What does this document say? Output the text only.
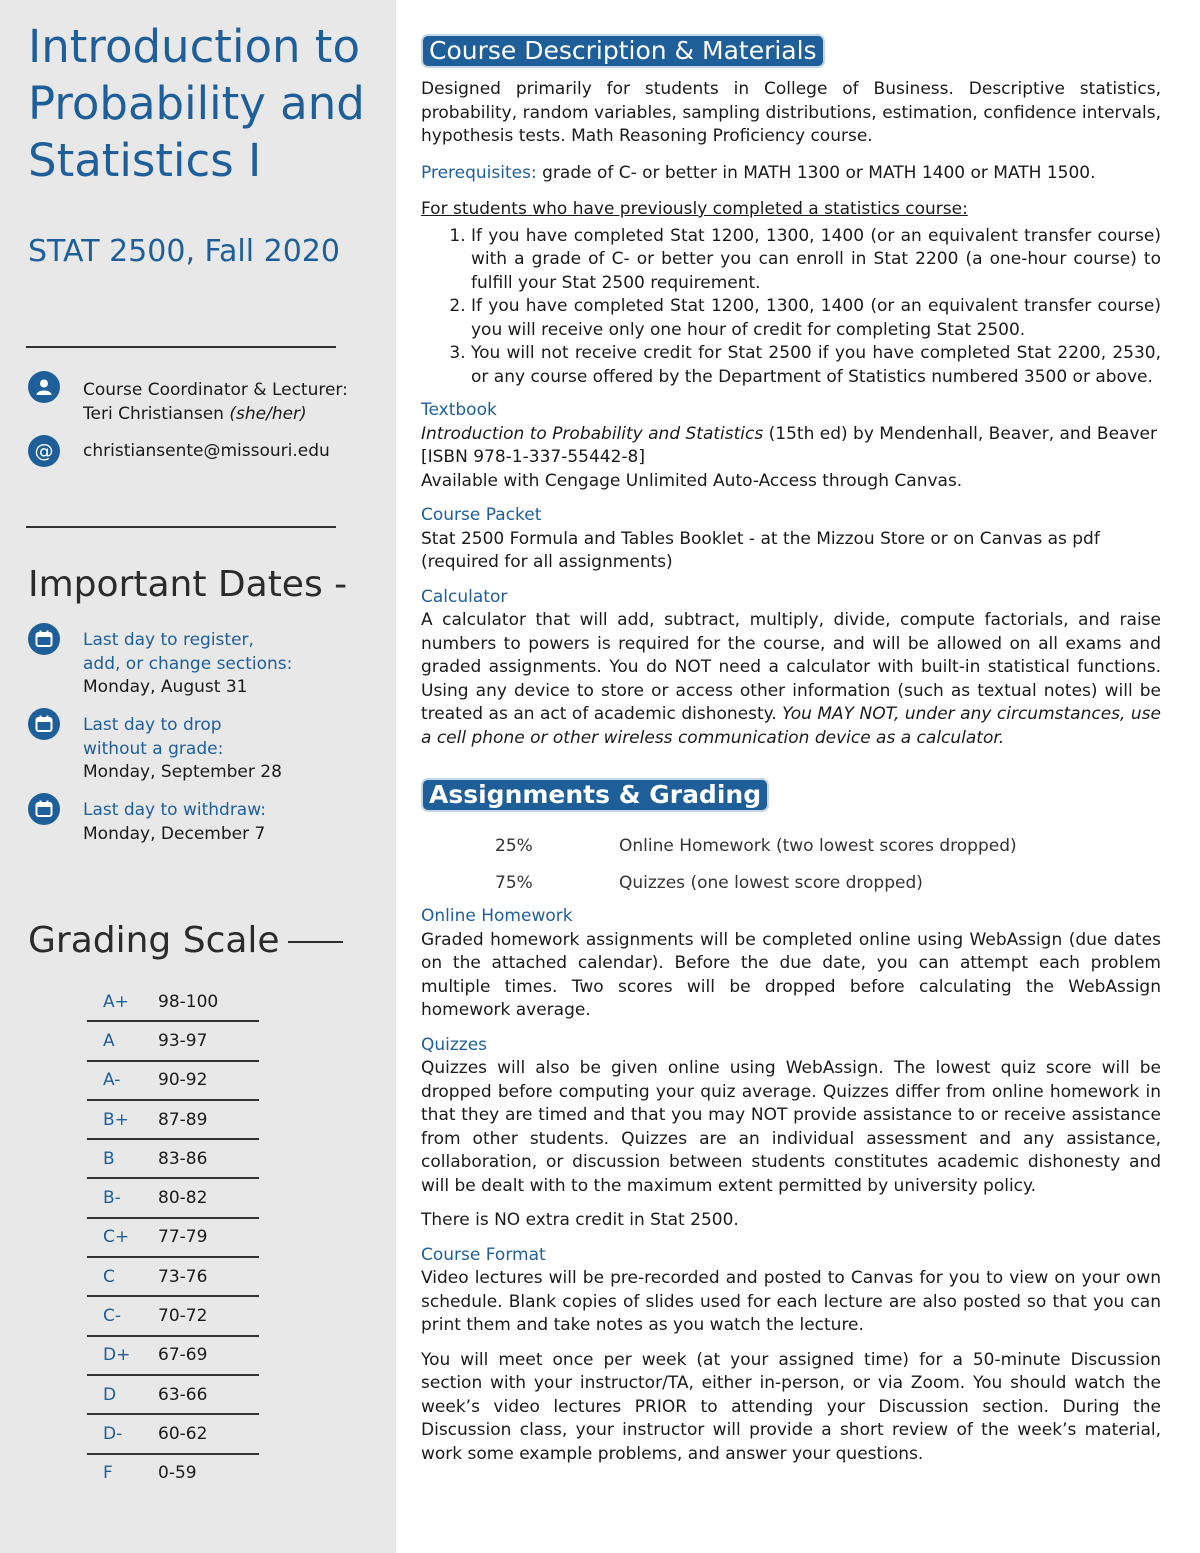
Introduction to Probability and Statistics I
STAT 2500, Fall 2020
Course Coordinator & Lecturer:
Teri Christiansen (she/her)
@ christiansente@missouri.edu
Important Dates -
Last day to register,
add, or change sections:
Monday, August 31
Last day to drop
without a grade:
Monday, September 28
Last day to withdraw:
Monday, December 7
Grading Scale
A+	98-100
A	93-97
A-	90-92
B+	87-89
B	83-86
B-	80-82
C+	77-79
C	73-76
C-	70-72
D+	67-69
D	63-66
D-	60-62
F	0-59
Course Description & Materials

Designed primarily for students in College of Business. Descriptive statistics, probability, random variables, sampling distributions, estimation, confidence intervals, hypothesis tests. Math Reasoning Proficiency course.

Prerequisites: grade of C- or better in MATH 1300 or MATH 1400 or MATH 1500.

For students who have previously completed a statistics course:

1. If you have completed Stat 1200, 1300, 1400 (or an equivalent transfer course) with a grade of C- or better you can enroll in Stat 2200 (a one-hour course) to fulfill your Stat 2500 requirement.
2. If you have completed Stat 1200, 1300, 1400 (or an equivalent transfer course) you will receive only one hour of credit for completing Stat 2500.
3. You will not receive credit for Stat 2500 if you have completed Stat 2200, 2530, or any course offered by the Department of Statistics numbered 3500 or above.

Textbook

Introduction to Probability and Statistics (15th ed) by Mendenhall, Beaver, and Beaver

[ISBN 978-1-337-55442-8]

Available with Cengage Unlimited Auto-Access through Canvas.

Course Packet

Stat 2500 Formula and Tables Booklet - at the Mizzou Store or on Canvas as pdf (required for all assignments)

Calculator

A calculator that will add, subtract, multiply, divide, compute factorials, and raise numbers to powers is required for the course, and will be allowed on all exams and graded assignments. You do NOT need a calculator with built-in statistical functions. Using any device to store or access other information (such as textual notes) will be treated as an act of academic dishonesty. You MAY NOT, under any circumstances, use a cell phone or other wireless communication device as a calculator.

Assignments & Grading
25%	Online Homework (two lowest scores dropped)
75%	Quizzes (one lowest score dropped)

Online Homework

Graded homework assignments will be completed online using WebAssign (due dates on the attached calendar). Before the due date, you can attempt each problem multiple times. Two scores will be dropped before calculating the WebAssign homework average.

Quizzes

Quizzes will also be given online using WebAssign. The lowest quiz score will be dropped before computing your quiz average. Quizzes differ from online homework in that they are timed and that you may NOT provide assistance to or receive assistance from other students. Quizzes are an individual assessment and any assistance, collaboration, or discussion between students constitutes academic dishonesty and will be dealt with to the maximum extent permitted by university policy.

There is NO extra credit in Stat 2500.

Course Format

Video lectures will be pre-recorded and posted to Canvas for you to view on your own schedule. Blank copies of slides used for each lecture are also posted so that you can print them and take notes as you watch the lecture.

You will meet once per week (at your assigned time) for a 50-minute Discussion section with your instructor/TA, either in-person, or via Zoom. You should watch the week’s video lectures PRIOR to attending your Discussion section. During the Discussion class, your instructor will provide a short review of the week’s material, work some example problems, and answer your questions.
